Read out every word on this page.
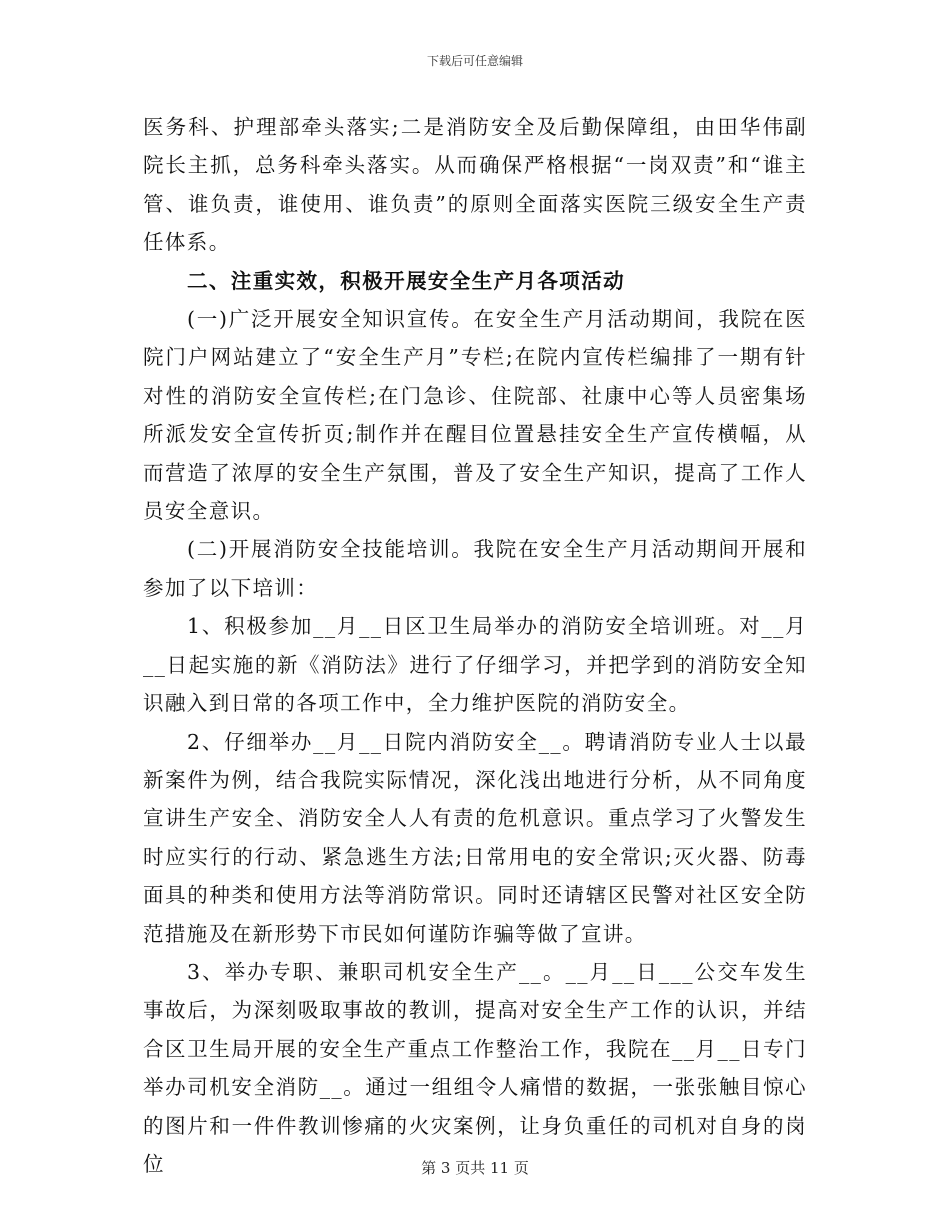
下载后可任意编辑

医务科、护理部牵头落实;二是消防安全及后勤保障组，由田华伟副院长主抓，总务科牵头落实。从而确保严格根据“一岗双责”和“谁主管、谁负责，谁使用、谁负责”的原则全面落实医院三级安全生产责任体系。

二、注重实效，积极开展安全生产月各项活动

(一)广泛开展安全知识宣传。在安全生产月活动期间，我院在医院门户网站建立了“安全生产月”专栏;在院内宣传栏编排了一期有针对性的消防安全宣传栏;在门急诊、住院部、社康中心等人员密集场所派发安全宣传折页;制作并在醒目位置悬挂安全生产宣传横幅，从而营造了浓厚的安全生产氛围，普及了安全生产知识，提高了工作人员安全意识。

(二)开展消防安全技能培训。我院在安全生产月活动期间开展和参加了以下培训：

1、积极参加__月__日区卫生局举办的消防安全培训班。对__月__日起实施的新《消防法》进行了仔细学习，并把学到的消防安全知识融入到日常的各项工作中，全力维护医院的消防安全。

2、仔细举办__月__日院内消防安全__。聘请消防专业人士以最新案件为例，结合我院实际情况，深化浅出地进行分析，从不同角度宣讲生产安全、消防安全人人有责的危机意识。重点学习了火警发生时应实行的行动、紧急逃生方法;日常用电的安全常识;灭火器、防毒面具的种类和使用方法等消防常识。同时还请辖区民警对社区安全防范措施及在新形势下市民如何谨防诈骗等做了宣讲。

3、举办专职、兼职司机安全生产__。__月__日___公交车发生事故后，为深刻吸取事故的教训，提高对安全生产工作的认识，并结合区卫生局开展的安全生产重点工作整治工作，我院在__月__日专门举办司机安全消防__。通过一组组令人痛惜的数据，一张张触目惊心的图片和一件件教训惨痛的火灾案例，让身负重任的司机对自身的岗位	第 3 页共 11 页
